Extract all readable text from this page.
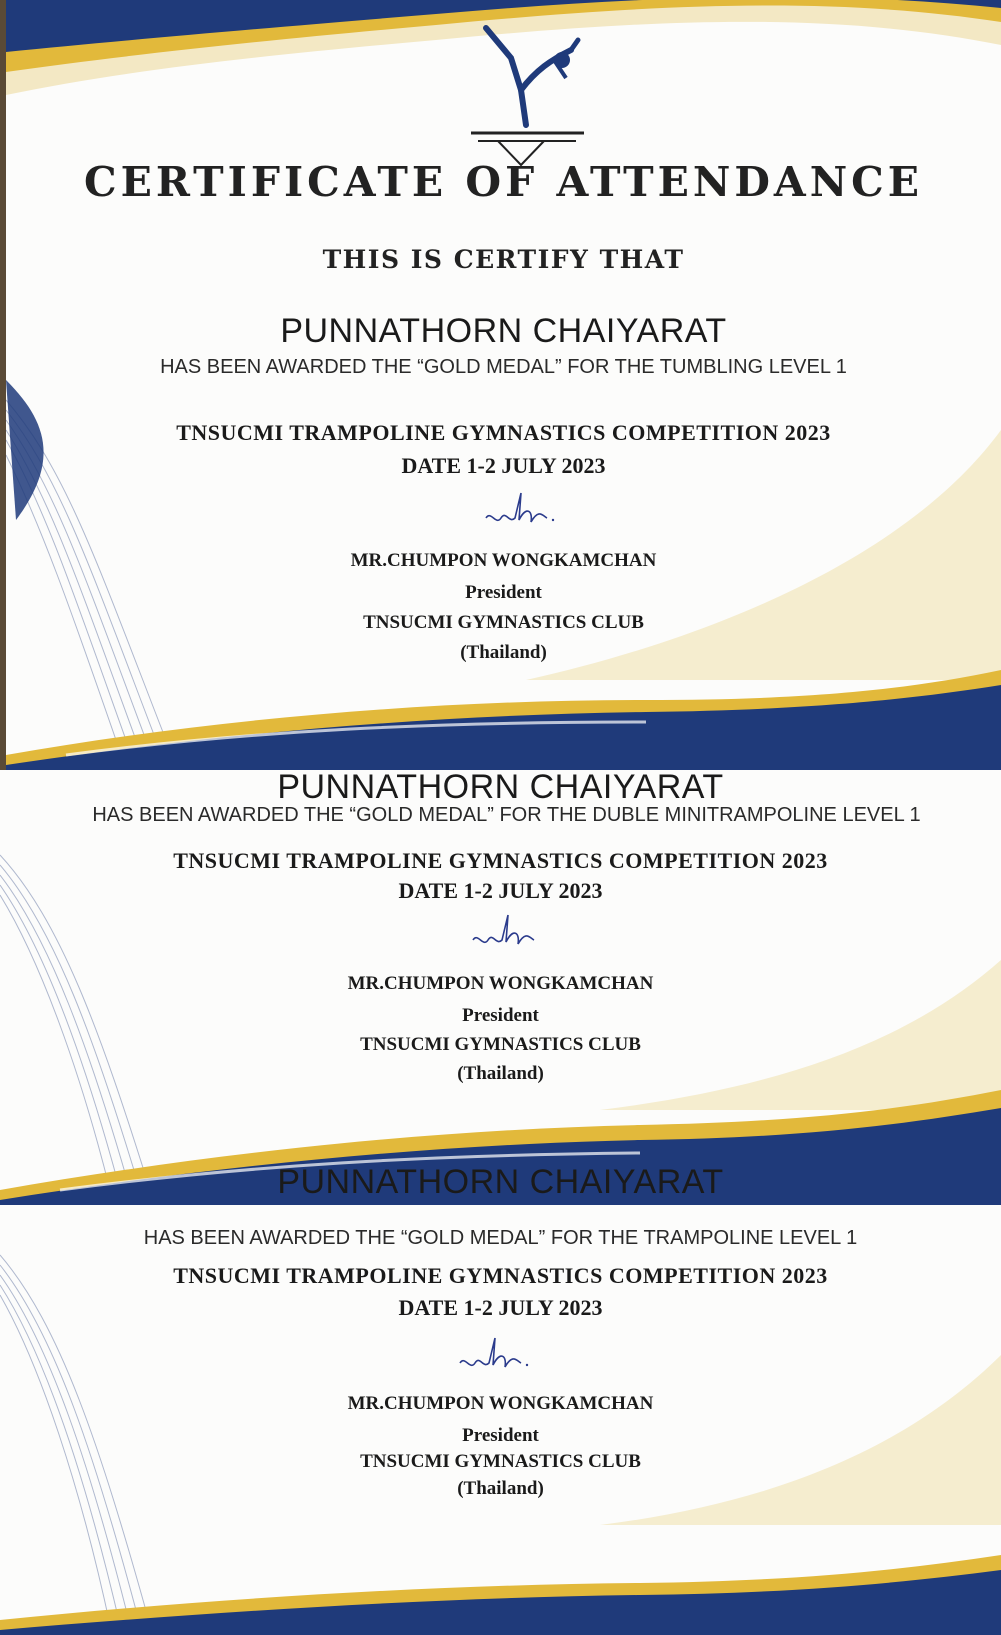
CERTIFICATE OF ATTENDANCE
THIS IS CERTIFY THAT
PUNNATHORN CHAIYARAT
HAS BEEN AWARDED THE “GOLD MEDAL” FOR THE TUMBLING LEVEL 1
TNSUCMI TRAMPOLINE GYMNASTICS COMPETITION 2023
DATE 1-2 JULY 2023
MR.CHUMPON WONGKAMCHAN
President
TNSUCMI GYMNASTICS CLUB
(Thailand)
PUNNATHORN CHAIYARAT
HAS BEEN AWARDED THE “GOLD MEDAL” FOR THE DUBLE MINITRAMPOLINE LEVEL 1
TNSUCMI TRAMPOLINE GYMNASTICS COMPETITION 2023
DATE 1-2 JULY 2023
MR.CHUMPON WONGKAMCHAN
President
TNSUCMI GYMNASTICS CLUB
(Thailand)
PUNNATHORN CHAIYARAT
HAS BEEN AWARDED THE “GOLD MEDAL” FOR THE TRAMPOLINE LEVEL 1
TNSUCMI TRAMPOLINE GYMNASTICS COMPETITION 2023
DATE 1-2 JULY 2023
MR.CHUMPON WONGKAMCHAN
President
TNSUCMI GYMNASTICS CLUB
(Thailand)
